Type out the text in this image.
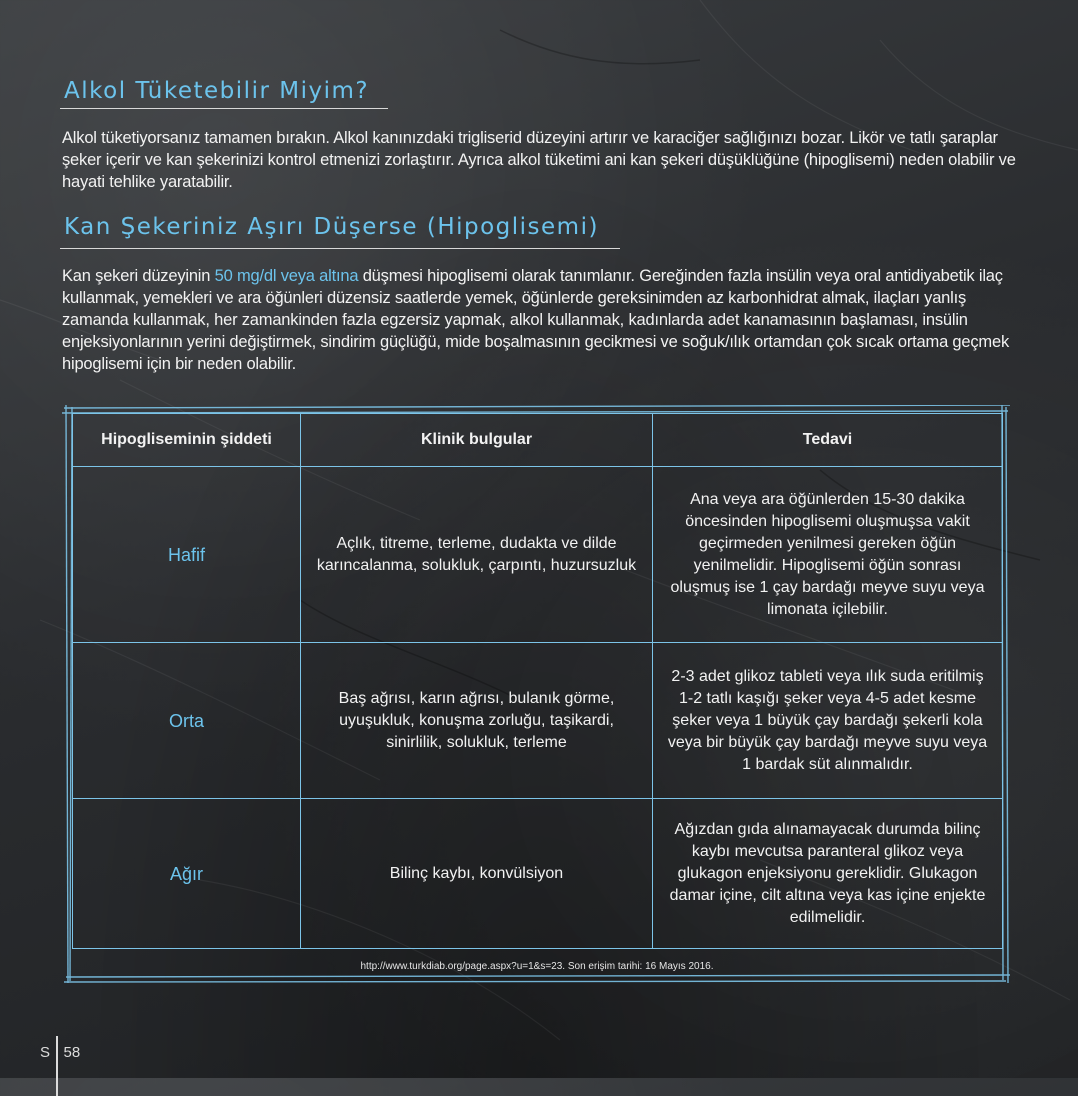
Alkol Tüketebilir Miyim?

Alkol tüketiyorsanız tamamen bırakın. Alkol kanınızdaki trigliserid düzeyini artırır ve karaciğer sağlığınızı bozar. Likör ve tatlı şaraplar şeker içerir ve kan şekerinizi kontrol etmenizi zorlaştırır. Ayrıca alkol tüketimi ani kan şekeri düşüklüğüne (hipoglisemi) neden olabilir ve hayati tehlike yaratabilir.

Kan Şekeriniz Aşırı Düşerse (Hipoglisemi)

Kan şekeri düzeyinin 50 mg/dl veya altına düşmesi hipoglisemi olarak tanımlanır. Gereğinden fazla insülin veya oral antidiyabetik ilaç kullanmak, yemekleri ve ara öğünleri düzensiz saatlerde yemek, öğünlerde gereksinimden az karbonhidrat almak, ilaçları yanlış zamanda kullanmak, her zamankinden fazla egzersiz yapmak, alkol kullanmak, kadınlarda adet kanamasının başlaması, insülin enjeksiyonlarının yerini değiştirmek, sindirim güçlüğü, mide boşalmasının gecikmesi ve soğuk/ılık ortamdan çok sıcak ortama geçmek hipoglisemi için bir neden olabilir.

Hipogliseminin şiddeti	Klinik bulgular	Tedavi
Hafif	Açlık, titreme, terleme, dudakta ve dilde karıncalanma, solukluk, çarpıntı, huzursuzluk	Ana veya ara öğünlerden 15-30 dakika öncesinden hipoglisemi oluşmuşsa vakit geçirmeden yenilmesi gereken öğün yenilmelidir. Hipoglisemi öğün sonrası oluşmuş ise 1 çay bardağı meyve suyu veya limonata içilebilir.
Orta	Baş ağrısı, karın ağrısı, bulanık görme, uyuşukluk, konuşma zorluğu, taşikardi, sinirlilik, solukluk, terleme	2-3 adet glikoz tableti veya ılık suda eritilmiş 1-2 tatlı kaşığı şeker veya 4-5 adet kesme şeker veya 1 büyük çay bardağı şekerli kola veya bir büyük çay bardağı meyve suyu veya 1 bardak süt alınmalıdır.
Ağır	Bilinç kaybı, konvülsiyon	Ağızdan gıda alınamayacak durumda bilinç kaybı mevcutsa paranteral glikoz veya glukagon enjeksiyonu gereklidir. Glukagon damar içine, cilt altına veya kas içine enjekte edilmelidir.
http://www.turkdiab.org/page.aspx?u=1&s=23. Son erişim tarihi: 16 Mayıs 2016.
S 58
